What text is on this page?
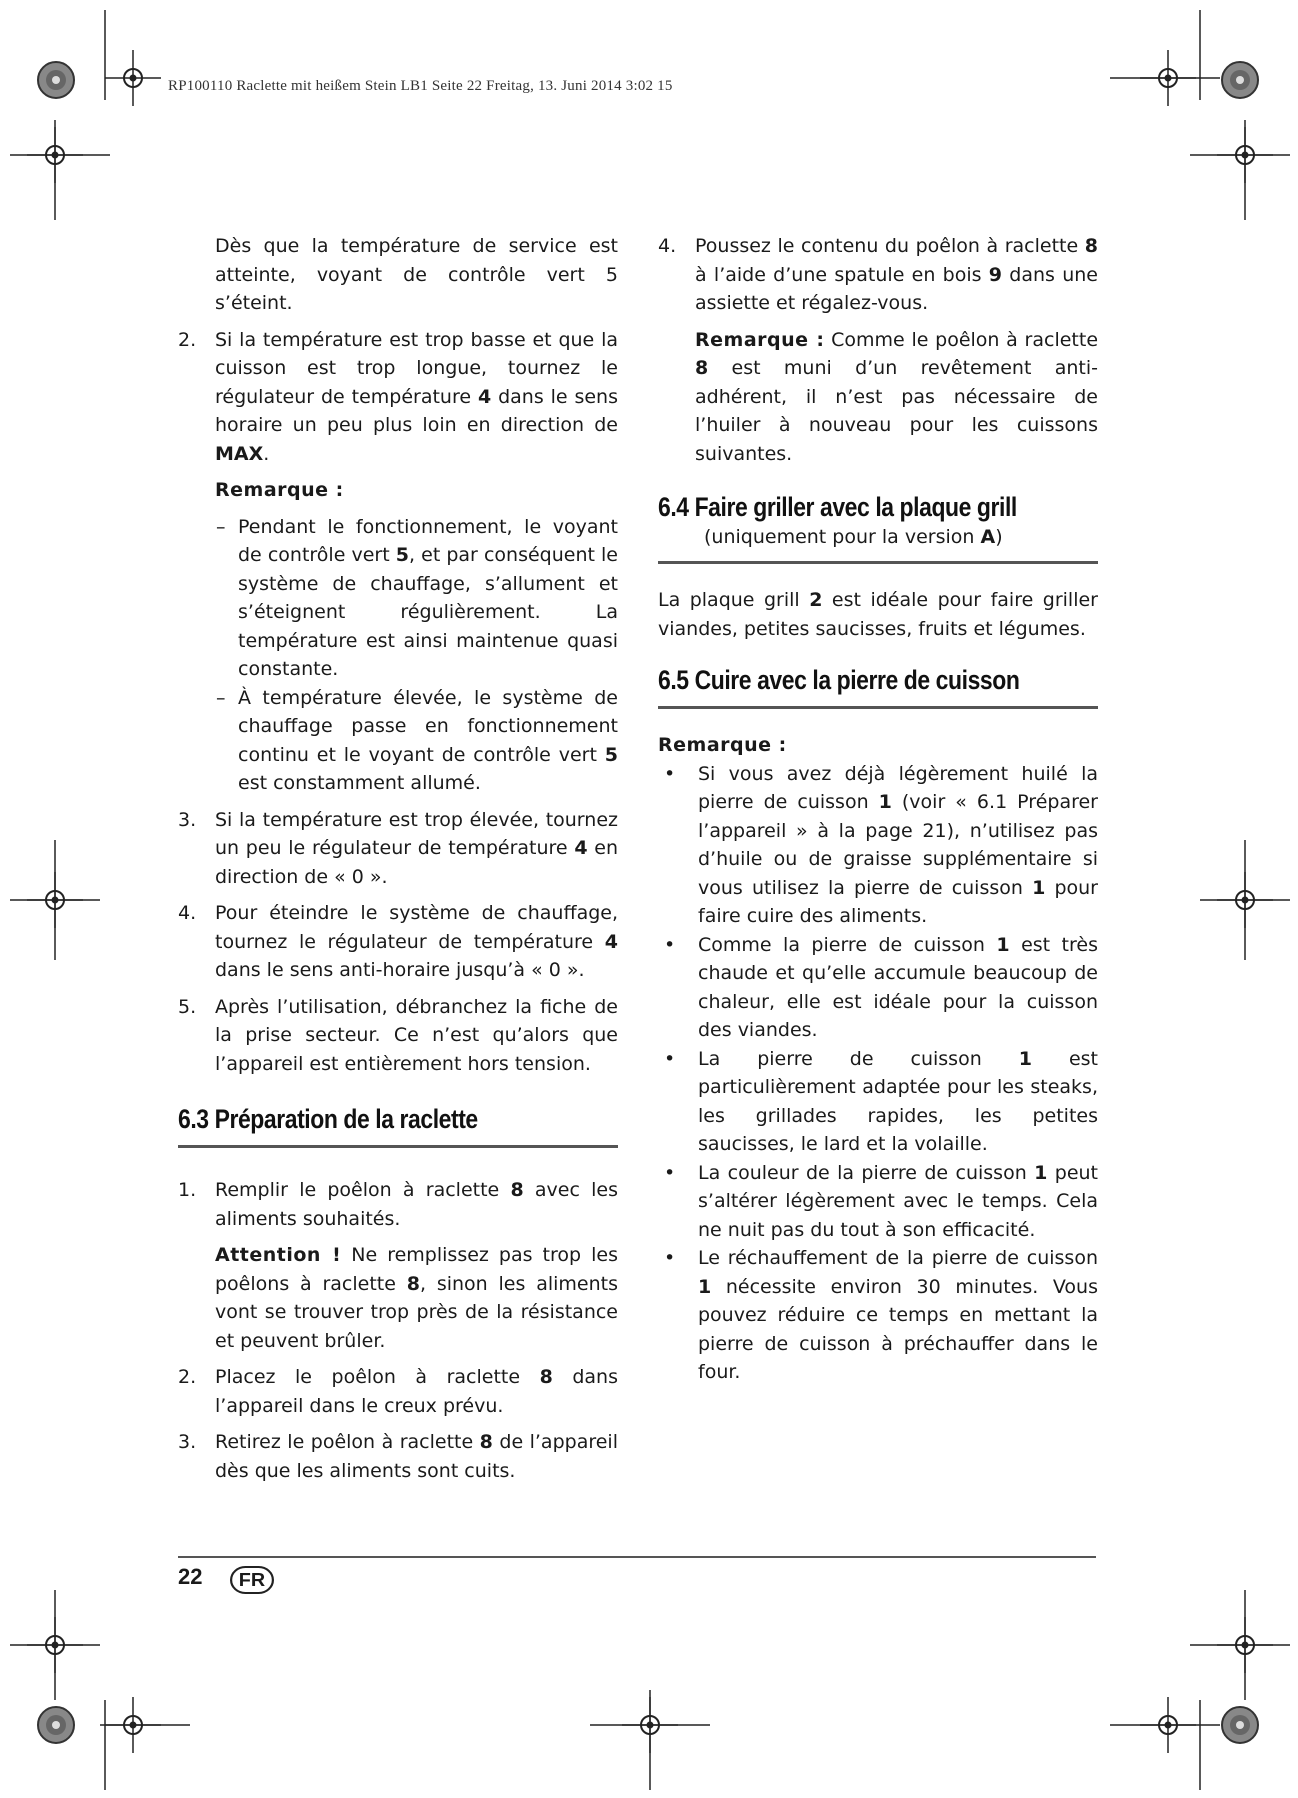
RP100110 Raclette mit heißem Stein LB1 Seite 22 Freitag, 13. Juni 2014 3:02 15

Dès que la température de service est atteinte, voyant de contrôle vert 5 s’éteint.

2. Si la température est trop basse et que la cuisson est trop longue, tournez le régulateur de température 4 dans le sens horaire un peu plus loin en direction de MAX.

Remarque :

– Pendant le fonctionnement, le voyant de contrôle vert 5, et par conséquent le système de chauffage, s’allument et s’éteignent régulièrement. La température est ainsi maintenue quasi constante.
– À température élevée, le système de chauffage passe en fonctionnement continu et le voyant de contrôle vert 5 est constamment allumé.
3. Si la température est trop élevée, tournez un peu le régulateur de température 4 en direction de « 0 ».
4. Pour éteindre le système de chauffage, tournez le régulateur de température 4 dans le sens anti-horaire jusqu’à « 0 ».
5. Après l’utilisation, débranchez la fiche de la prise secteur. Ce n’est qu’alors que l’appareil est entièrement hors tension.
6.3 Préparation de la raclette
1. Remplir le poêlon à raclette 8 avec les aliments souhaités.

Attention ! Ne remplissez pas trop les poêlons à raclette 8, sinon les aliments vont se trouver trop près de la résistance et peuvent brûler.

2. Placez le poêlon à raclette 8 dans l’appareil dans le creux prévu.
3. Retirez le poêlon à raclette 8 de l’appareil dès que les aliments sont cuits.
4. Poussez le contenu du poêlon à raclette 8 à l’aide d’une spatule en bois 9 dans une assiette et régalez-vous.

Remarque : Comme le poêlon à raclette 8 est muni d’un revêtement anti-adhérent, il n’est pas nécessaire de l’huiler à nouveau pour les cuissons suivantes.

6.4 Faire griller avec la plaque grill
(uniquement pour la version A)

La plaque grill 2 est idéale pour faire griller viandes, petites saucisses, fruits et légumes.

6.5 Cuire avec la pierre de cuisson

Remarque :

• Si vous avez déjà légèrement huilé la pierre de cuisson 1 (voir « 6.1 Préparer l’appareil » à la page 21), n’utilisez pas d’huile ou de graisse supplémentaire si vous utilisez la pierre de cuisson 1 pour faire cuire des aliments.
• Comme la pierre de cuisson 1 est très chaude et qu’elle accumule beaucoup de chaleur, elle est idéale pour la cuisson des viandes.
• La pierre de cuisson 1 est particulièrement adaptée pour les steaks, les grillades rapides, les petites saucisses, le lard et la volaille.
• La couleur de la pierre de cuisson 1 peut s’altérer légèrement avec le temps. Cela ne nuit pas du tout à son efficacité.
• Le réchauffement de la pierre de cuisson 1 nécessite environ 30 minutes. Vous pouvez réduire ce temps en mettant la pierre de cuisson à préchauffer dans le four.
22	FR
